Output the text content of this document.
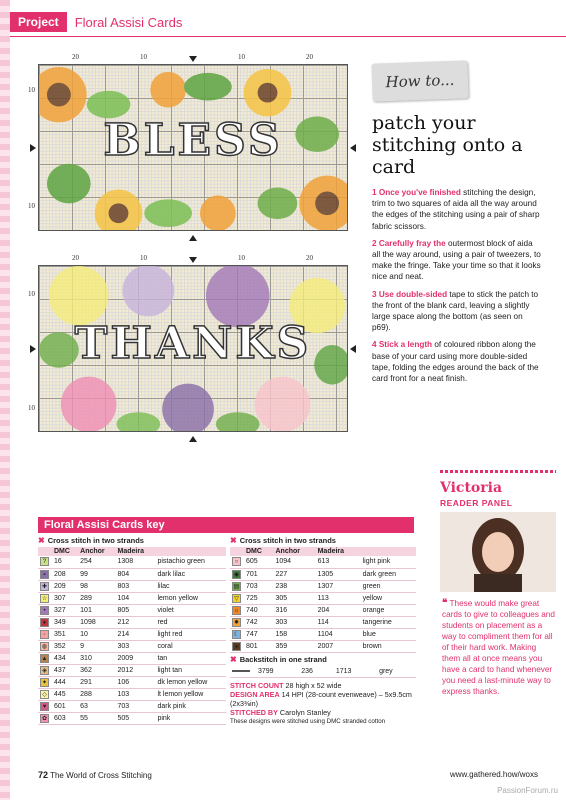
Project	Floral Assisi Cards
20	10	10	20
10
10
BLESS
20	10	10	20
10
10
THANKS
How to...
patch your stitching onto a card

1 Once you've finished stitching the design, trim to two squares of aida all the way around the edges of the stitching using a pair of sharp fabric scissors.

2 Carefully fray the outermost block of aida all the way around, using a pair of tweezers, to make the fringe. Take your time so that it looks nice and neat.

3 Use double-sided tape to stick the patch to the front of the blank card, leaving a slightly large space along the bottom (as seen on p69).

4 Stick a length of coloured ribbon along the base of your card using more double-sided tape, folding the edges around the back of the card front for a neat finish.

Floral Assisi Cards key
✖ Cross stitch in two strands
	DMC	Anchor	Madeira	
?	16	254	1308	pistachio green
▪	208	99	804	dark lilac
✚	209	98	803	lilac
☆	307	289	104	lemon yellow
•	327	101	805	violet
♦	349	1098	212	red
◦	351	10	214	light red
◍	352	9	303	coral
▲	434	310	2009	tan
◈	437	362	2012	light tan
✦	444	291	106	dk lemon yellow
◇	445	288	103	lt lemon yellow
♥	601	63	703	dark pink
✿	603	55	505	pink
✖ Cross stitch in two strands
	DMC	Anchor	Madeira	
○	605	1094	613	light pink
◆	701	227	1305	dark green
▤	703	238	1307	green
▽	725	305	113	yellow
☼	740	316	204	orange
✸	742	303	114	tangerine
☾	747	158	1104	blue
●	801	359	2007	brown
✖ Backstitch in one strand
	3799	236	1713	grey
STITCH COUNT 28 high x 52 wide
DESIGN AREA 14 HPI (28-count evenweave) – 5x9.5cm (2x3⅜in)
STITCHED BY Carolyn Stanley
These designs were stitched using DMC stranded cotton
Victoria
READER PANEL
❝ These would make great cards to give to colleagues and students on placement as a way to compliment them for all of their hard work. Making them all at once means you have a card to hand whenever you need a last-minute way to express thanks.
72 The World of Cross Stitching	www.gathered.how/woxs
PassionForum.ru
